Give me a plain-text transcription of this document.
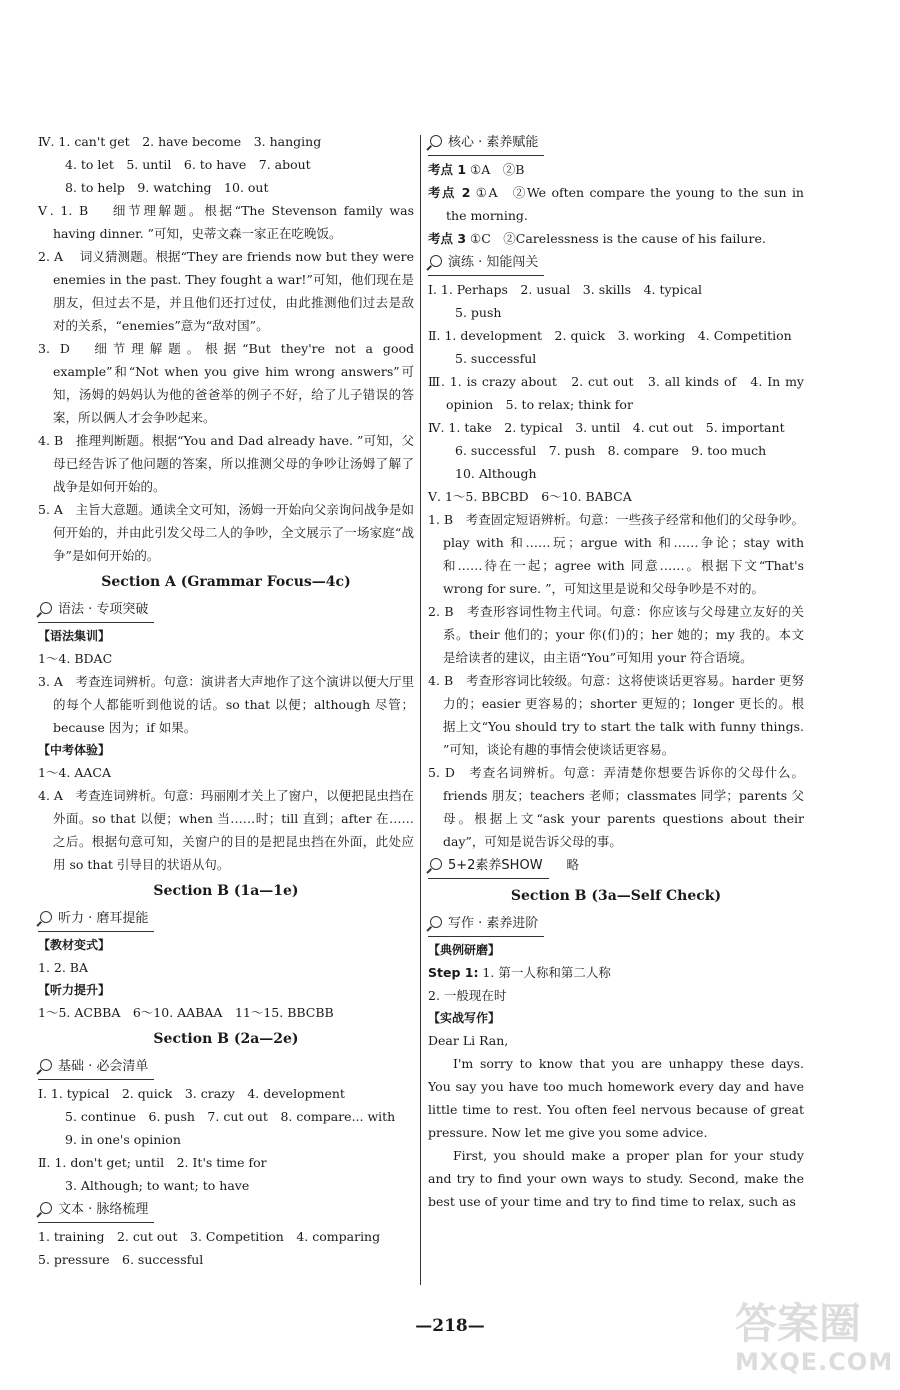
Ⅳ. 1. can't get　2. have become　3. hanging

4. to let　5. until　6. to have　7. about

8. to help　9. watching　10. out

Ⅴ. 1. B　 细节理解题。根据“The Stevenson family was having dinner. ”可知，史蒂文森一家正在吃晚饭。

2. A　 词义猜测题。根据“They are friends now but they were enemies in the past. They fought a war!”可知，他们现在是朋友，但过去不是，并且他们还打过仗，由此推测他们过去是敌对的关系，“enemies”意为“敌对国”。

3. D　细节理解题。根据“But they're not a good example”和“Not when you give him wrong answers”可知，汤姆的妈妈认为他的爸爸举的例子不好，给了儿子错误的答案，所以俩人才会争吵起来。

4. B　推理判断题。根据“You and Dad already have. ”可知，父母已经告诉了他问题的答案，所以推测父母的争吵让汤姆了解了战争是如何开始的。

5. A　主旨大意题。通读全文可知，汤姆一开始向父亲询问战争是如何开始的，并由此引发父母二人的争吵，全文展示了一场家庭“战争”是如何开始的。

Section A (Grammar Focus—4c)
语法 · 专项突破
【语法集训】

1～4. BDAC

3. A　考查连词辨析。句意：演讲者大声地作了这个演讲以便大厅里的每个人都能听到他说的话。so that 以便；although 尽管；because 因为；if 如果。

【中考体验】

1～4. AACA

4. A　考查连词辨析。句意：玛丽刚才关上了窗户，以便把昆虫挡在外面。so that 以便；when 当……时；till 直到；after 在……之后。根据句意可知，关窗户的目的是把昆虫挡在外面，此处应用 so that 引导目的状语从句。

Section B (1a—1e)
听力 · 磨耳提能
【教材变式】

1. 2. BA

【听力提升】

1～5. ACBBA　6～10. AABAA　11～15. BBCBB

Section B (2a—2e)
基础 · 必会清单

Ⅰ. 1. typical　2. quick　3. crazy　4. development

5. continue　6. push　7. cut out　8. compare... with

9. in one's opinion

Ⅱ. 1. don't get; until　2. It's time for

3. Although; to want; to have

文本 · 脉络梳理

1. training　2. cut out　3. Competition　4. comparing

5. pressure　6. successful

核心 · 素养赋能

考点 1 ①A　②B

考点 2 ①A　②We often compare the young to the sun in the morning.

考点 3 ①C　②Carelessness is the cause of his failure.

演练 · 知能闯关

Ⅰ. 1. Perhaps　2. usual　3. skills　4. typical

5. push

Ⅱ. 1. development　2. quick　3. working　4. Competition

5. successful

Ⅲ. 1. is crazy about　2. cut out　3. all kinds of　4. In my opinion　5. to relax; think for

Ⅳ. 1. take　2. typical　3. until　4. cut out　5. important

6. successful　7. push　8. compare　9. too much

10. Although

Ⅴ. 1～5. BBCBD　6～10. BABCA

1. B　考查固定短语辨析。句意：一些孩子经常和他们的父母争吵。play with 和……玩；argue with 和……争论；stay with 和……待在一起；agree with 同意……。根据下文“That's wrong for sure. ”，可知这里是说和父母争吵是不对的。

2. B　考查形容词性物主代词。句意：你应该与父母建立友好的关系。their 他们的；your 你(们)的；her 她的；my 我的。本文是给读者的建议，由主语“You”可知用 your 符合语境。

4. B　考查形容词比较级。句意：这将使谈话更容易。harder 更努力的；easier 更容易的；shorter 更短的；longer 更长的。根据上文“You should try to start the talk with funny things. ”可知，谈论有趣的事情会使谈话更容易。

5. D　考查名词辨析。句意：弄清楚你想要告诉你的父母什么。friends 朋友；teachers 老师；classmates 同学；parents 父母。根据上文“ask your parents questions about their day”，可知是说告诉父母的事。

5+2素养SHOW 略
Section B (3a—Self Check)
写作 · 素养进阶
【典例研磨】

Step 1: 1. 第一人称和第二人称

2. 一般现在时

【实战写作】

Dear Li Ran,

I'm sorry to know that you are unhappy these days. You say you have too much homework every day and have little time to rest. You often feel nervous because of great pressure. Now let me give you some advice.

First, you should make a proper plan for your study and try to find your own ways to study. Second, make the best use of your time and try to find time to relax, such as

—218—	答案圈
MXQE.COM
